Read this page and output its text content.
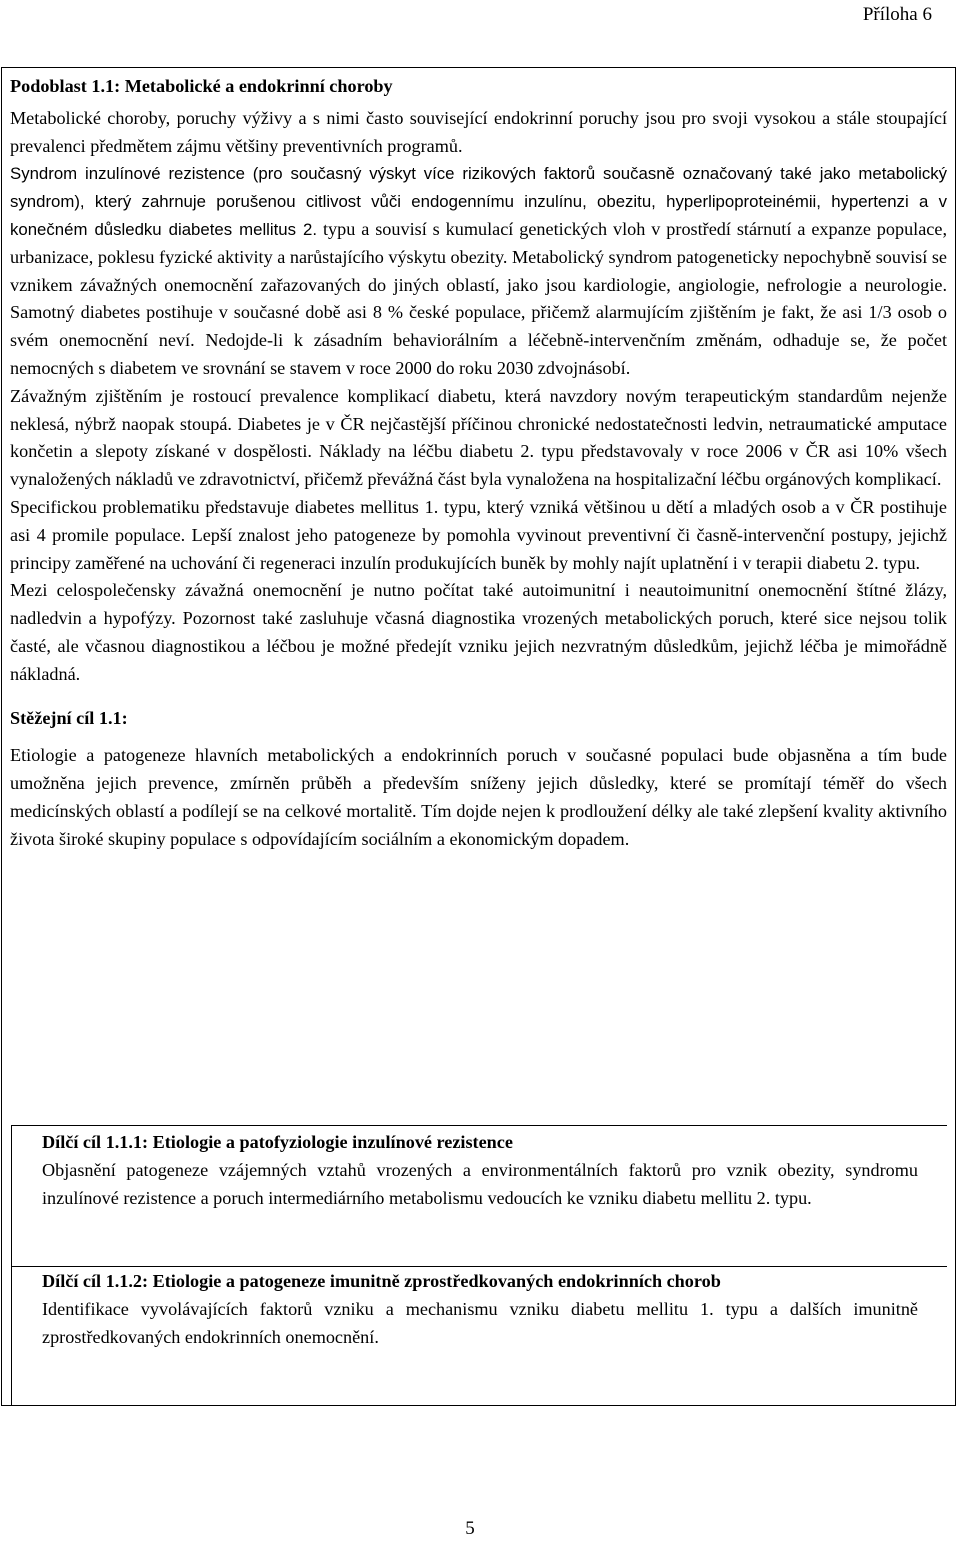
Příloha 6

Podoblast 1.1: Metabolické a endokrinní choroby

Metabolické choroby, poruchy výživy a s nimi často související endokrinní poruchy jsou pro svoji vysokou a stále stoupající prevalenci předmětem zájmu většiny preventivních programů.

Syndrom inzulínové rezistence (pro současný výskyt více rizikových faktorů současně označovaný také jako metabolický syndrom), který zahrnuje porušenou citlivost vůči endogennímu inzulínu, obezitu, hyperlipoproteinémii, hypertenzi a v konečném důsledku diabetes mellitus 2. typu a souvisí s kumulací genetických vloh v prostředí stárnutí a expanze populace, urbanizace, poklesu fyzické aktivity a narůstajícího výskytu obezity. Metabolický syndrom patogeneticky nepochybně souvisí se vznikem závažných onemocnění zařazovaných do jiných oblastí, jako jsou kardiologie, angiologie, nefrologie a neurologie. Samotný diabetes postihuje v současné době asi 8 % české populace, přičemž alarmujícím zjištěním je fakt, že asi 1/3 osob o svém onemocnění neví. Nedojde-li k zásadním behaviorálním a léčebně-intervenčním změnám, odhaduje se, že počet nemocných s diabetem ve srovnání se stavem v roce 2000 do roku 2030 zdvojnásobí.

Závažným zjištěním je rostoucí prevalence komplikací diabetu, která navzdory novým terapeutickým standardům nejenže neklesá, nýbrž naopak stoupá. Diabetes je v ČR nejčastější příčinou chronické nedostatečnosti ledvin, netraumatické amputace končetin a slepoty získané v dospělosti. Náklady na léčbu diabetu 2. typu představovaly v roce 2006 v ČR asi 10% všech vynaložených nákladů ve zdravotnictví, přičemž převážná část byla vynaložena na hospitalizační léčbu orgánových komplikací.

Specifickou problematiku představuje diabetes mellitus 1. typu, který vzniká většinou u dětí a mladých osob a v ČR postihuje asi 4 promile populace. Lepší znalost jeho patogeneze by pomohla vyvinout preventivní či časně-intervenční postupy, jejichž principy zaměřené na uchování či regeneraci inzulín produkujících buněk by mohly najít uplatnění i v terapii diabetu 2. typu.

Mezi celospolečensky závažná onemocnění je nutno počítat také autoimunitní i neautoimunitní onemocnění štítné žlázy, nadledvin a hypofýzy. Pozornost také zasluhuje včasná diagnostika vrozených metabolických poruch, které sice nejsou tolik časté, ale včasnou diagnostikou a léčbou je možné předejít vzniku jejich nezvratným důsledkům, jejichž léčba je mimořádně nákladná.

Stěžejní cíl 1.1:

Etiologie a patogeneze hlavních metabolických a endokrinních poruch v současné populaci bude objasněna a tím bude umožněna jejich prevence, zmírněn průběh a především sníženy jejich důsledky, které se promítají téměř do všech medicínských oblastí a podílejí se na celkové mortalitě. Tím dojde nejen k prodloužení délky ale také zlepšení kvality aktivního života široké skupiny populace s odpovídajícím sociálním a ekonomickým dopadem.

Dílčí cíl 1.1.1: Etiologie a patofyziologie inzulínové rezistence
Objasnění patogeneze vzájemných vztahů vrozených a environmentálních faktorů pro vznik obezity, syndromu inzulínové rezistence a poruch intermediárního metabolismu vedoucích ke vzniku diabetu mellitu 2. typu.
Dílčí cíl 1.1.2: Etiologie a patogeneze imunitně zprostředkovaných endokrinních chorob
Identifikace vyvolávajících faktorů vzniku a mechanismu vzniku diabetu mellitu 1. typu a dalších imunitně zprostředkovaných endokrinních onemocnění.
5
